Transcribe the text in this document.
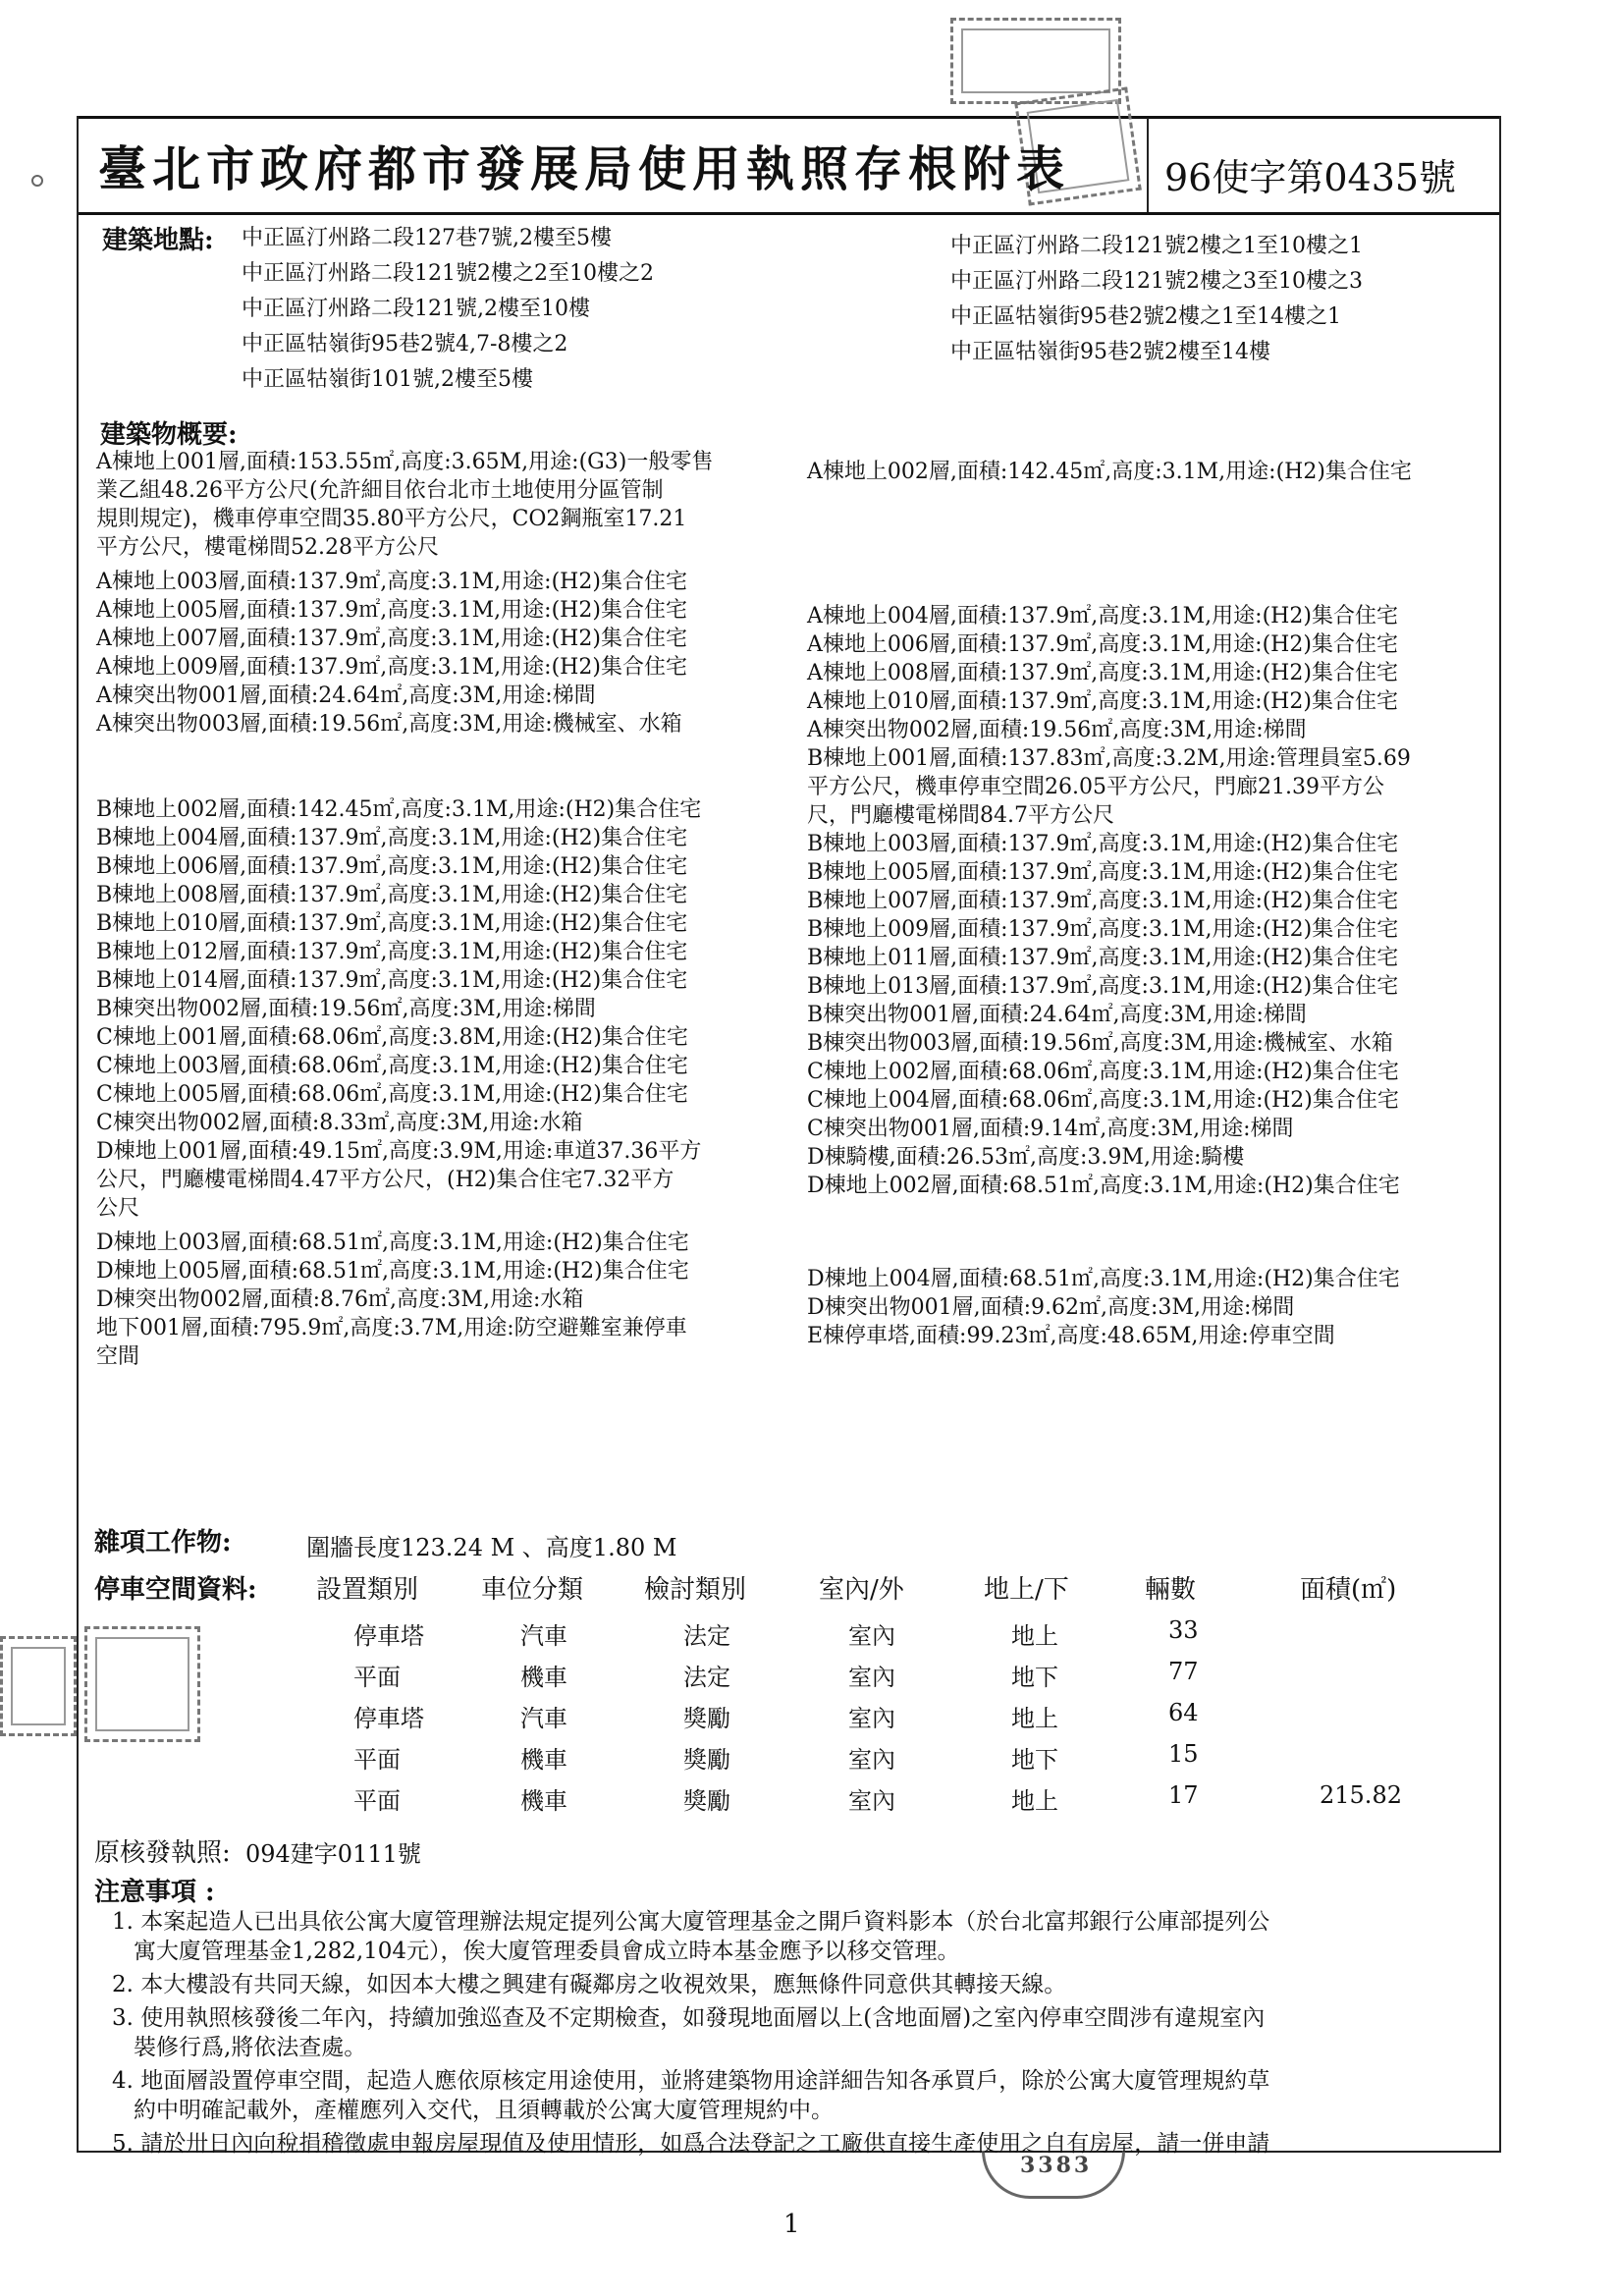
3383
臺北市政府都市發展局使用執照存根附表	96使字第0435號
建築地點: 中正區汀州路二段127巷7號,2樓至5樓
中正區汀州路二段121號2樓之2至10樓之2
中正區汀州路二段121號,2樓至10樓
中正區牯嶺街95巷2號4,7-8樓之2
中正區牯嶺街101號,2樓至5樓
中正區汀州路二段121號2樓之1至10樓之1
中正區汀州路二段121號2樓之3至10樓之3
中正區牯嶺街95巷2號2樓之1至14樓之1
中正區牯嶺街95巷2號2樓至14樓
建築物概要:
A棟地上001層,面積:153.55㎡,高度:3.65M,用途:(G3)一般零售
業乙組48.26平方公尺(允許細目依台北市土地使用分區管制
規則規定)，機車停車空間35.80平方公尺，CO2鋼瓶室17.21
平方公尺，樓電梯間52.28平方公尺
A棟地上003層,面積:137.9㎡,高度:3.1M,用途:(H2)集合住宅
A棟地上005層,面積:137.9㎡,高度:3.1M,用途:(H2)集合住宅
A棟地上007層,面積:137.9㎡,高度:3.1M,用途:(H2)集合住宅
A棟地上009層,面積:137.9㎡,高度:3.1M,用途:(H2)集合住宅
A棟突出物001層,面積:24.64㎡,高度:3M,用途:梯間
A棟突出物003層,面積:19.56㎡,高度:3M,用途:機械室、水箱
B棟地上002層,面積:142.45㎡,高度:3.1M,用途:(H2)集合住宅
B棟地上004層,面積:137.9㎡,高度:3.1M,用途:(H2)集合住宅
B棟地上006層,面積:137.9㎡,高度:3.1M,用途:(H2)集合住宅
B棟地上008層,面積:137.9㎡,高度:3.1M,用途:(H2)集合住宅
B棟地上010層,面積:137.9㎡,高度:3.1M,用途:(H2)集合住宅
B棟地上012層,面積:137.9㎡,高度:3.1M,用途:(H2)集合住宅
B棟地上014層,面積:137.9㎡,高度:3.1M,用途:(H2)集合住宅
B棟突出物002層,面積:19.56㎡,高度:3M,用途:梯間
C棟地上001層,面積:68.06㎡,高度:3.8M,用途:(H2)集合住宅
C棟地上003層,面積:68.06㎡,高度:3.1M,用途:(H2)集合住宅
C棟地上005層,面積:68.06㎡,高度:3.1M,用途:(H2)集合住宅
C棟突出物002層,面積:8.33㎡,高度:3M,用途:水箱
D棟地上001層,面積:49.15㎡,高度:3.9M,用途:車道37.36平方
公尺，門廳樓電梯間4.47平方公尺，(H2)集合住宅7.32平方
公尺
D棟地上003層,面積:68.51㎡,高度:3.1M,用途:(H2)集合住宅
D棟地上005層,面積:68.51㎡,高度:3.1M,用途:(H2)集合住宅
D棟突出物002層,面積:8.76㎡,高度:3M,用途:水箱
地下001層,面積:795.9㎡,高度:3.7M,用途:防空避難室兼停車
空間
A棟地上002層,面積:142.45㎡,高度:3.1M,用途:(H2)集合住宅
A棟地上004層,面積:137.9㎡,高度:3.1M,用途:(H2)集合住宅
A棟地上006層,面積:137.9㎡,高度:3.1M,用途:(H2)集合住宅
A棟地上008層,面積:137.9㎡,高度:3.1M,用途:(H2)集合住宅
A棟地上010層,面積:137.9㎡,高度:3.1M,用途:(H2)集合住宅
A棟突出物002層,面積:19.56㎡,高度:3M,用途:梯間
B棟地上001層,面積:137.83㎡,高度:3.2M,用途:管理員室5.69
平方公尺，機車停車空間26.05平方公尺，門廊21.39平方公
尺，門廳樓電梯間84.7平方公尺
B棟地上003層,面積:137.9㎡,高度:3.1M,用途:(H2)集合住宅
B棟地上005層,面積:137.9㎡,高度:3.1M,用途:(H2)集合住宅
B棟地上007層,面積:137.9㎡,高度:3.1M,用途:(H2)集合住宅
B棟地上009層,面積:137.9㎡,高度:3.1M,用途:(H2)集合住宅
B棟地上011層,面積:137.9㎡,高度:3.1M,用途:(H2)集合住宅
B棟地上013層,面積:137.9㎡,高度:3.1M,用途:(H2)集合住宅
B棟突出物001層,面積:24.64㎡,高度:3M,用途:梯間
B棟突出物003層,面積:19.56㎡,高度:3M,用途:機械室、水箱
C棟地上002層,面積:68.06㎡,高度:3.1M,用途:(H2)集合住宅
C棟地上004層,面積:68.06㎡,高度:3.1M,用途:(H2)集合住宅
C棟突出物001層,面積:9.14㎡,高度:3M,用途:梯間
D棟騎樓,面積:26.53㎡,高度:3.9M,用途:騎樓
D棟地上002層,面積:68.51㎡,高度:3.1M,用途:(H2)集合住宅
D棟地上004層,面積:68.51㎡,高度:3.1M,用途:(H2)集合住宅
D棟突出物001層,面積:9.62㎡,高度:3M,用途:梯間
E棟停車塔,面積:99.23㎡,高度:48.65M,用途:停車空間
雜項工作物:	圍牆長度123.24 M 、高度1.80 M
停車空間資料: 設置類別 車位分類 檢討類別	室內/外	地上/下	輛數	面積(㎡)
停車塔	汽車	法定	室內	地上	33
平面	機車	法定	室內	地下	77
停車塔	汽車	獎勵	室內	地上	64
平面	機車	獎勵	室內	地下	15
平面	機車	獎勵	室內	地上	17	215.82
原核發執照: 094建字0111號
注意事項 :
1. 本案起造人已出具依公寓大廈管理辦法規定提列公寓大廈管理基金之開戶資料影本（於台北富邦銀行公庫部提列公
寓大廈管理基金1,282,104元），俟大廈管理委員會成立時本基金應予以移交管理。
2. 本大樓設有共同天線，如因本大樓之興建有礙鄰房之收視效果，應無條件同意供其轉接天線。
3. 使用執照核發後二年內，持續加強巡查及不定期檢查，如發現地面層以上(含地面層)之室內停車空間涉有違規室內
裝修行爲,將依法查處。
4. 地面層設置停車空間，起造人應依原核定用途使用，並將建築物用途詳細告知各承買戶，除於公寓大廈管理規約草
約中明確記載外，產權應列入交代，且須轉載於公寓大廈管理規約中。
5. 請於卅日內向稅捐稽徵處申報房屋現值及使用情形，如爲合法登記之工廠供直接生產使用之自有房屋，請一併申請
1
